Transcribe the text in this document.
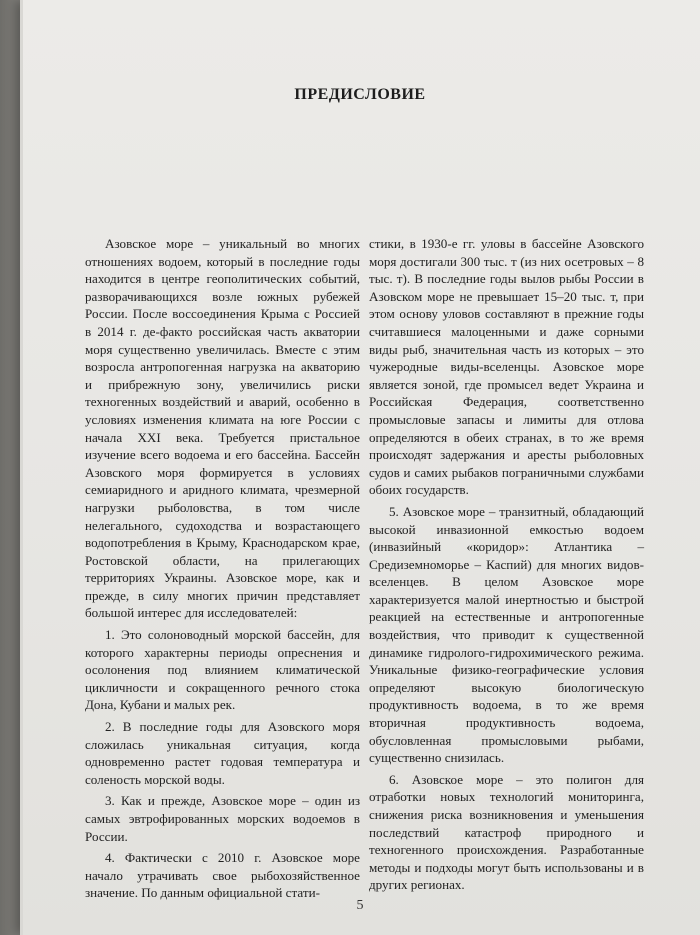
ПРЕДИСЛОВИЕ

Азовское море – уникальный во многих отношениях водоем, который в последние годы находится в центре геополитических событий, разворачивающихся возле южных рубежей России. После воссоединения Крыма с Россией в 2014 г. де-факто российская часть акватории моря существенно увеличилась. Вместе с этим возросла антропогенная нагрузка на акваторию и прибрежную зону, увеличились риски техногенных воздействий и аварий, особенно в условиях изменения климата на юге России с начала XXI века. Требуется пристальное изучение всего водоема и его бассейна. Бассейн Азовского моря формируется в условиях семиаридного и аридного климата, чрезмерной нагрузки рыболовства, в том числе нелегального, судоходства и возрастающего водопотребления в Крыму, Краснодарском крае, Ростовской области, на прилегающих территориях Украины. Азовское море, как и прежде, в силу многих причин представляет большой интерес для исследователей:

1. Это солоноводный морской бассейн, для которого характерны периоды опреснения и осолонения под влиянием климатической цикличности и сокращенного речного стока Дона, Кубани и малых рек.

2. В последние годы для Азовского моря сложилась уникальная ситуация, когда одновременно растет годовая температура и соленость морской воды.

3. Как и прежде, Азовское море – один из самых эвтрофированных морских водоемов в России.

4. Фактически с 2010 г. Азовское море начало утрачивать свое рыбохозяйственное значение. По данным официальной стати-

стики, в 1930-е гг. уловы в бассейне Азовского моря достигали 300 тыс. т (из них осетровых – 8 тыс. т). В последние годы вылов рыбы России в Азовском море не превышает 15–20 тыс. т, при этом основу уловов составляют в прежние годы считавшиеся малоценными и даже сорными виды рыб, значительная часть из которых – это чужеродные виды-вселенцы. Азовское море является зоной, где промысел ведет Украина и Российская Федерация, соответственно промысловые запасы и лимиты для отлова определяются в обеих странах, в то же время происходят задержания и аресты рыболовных судов и самих рыбаков пограничными службами обоих государств.

5. Азовское море – транзитный, обладающий высокой инвазионной емкостью водоем (инвазийный «коридор»: Атлантика – Средиземноморье – Каспий) для многих видов-вселенцев. В целом Азовское море характеризуется малой инертностью и быстрой реакцией на естественные и антропогенные воздействия, что приводит к существенной динамике гидролого-гидрохимического режима. Уникальные физико-географические условия определяют высокую биологическую продуктивность водоема, в то же время вторичная продуктивность водоема, обусловленная промысловыми рыбами, существенно снизилась.

6. Азовское море – это полигон для отработки новых технологий мониторинга, снижения риска возникновения и уменьшения последствий катастроф природного и техногенного происхождения. Разработанные методы и подходы могут быть использованы и в других регионах.

5
